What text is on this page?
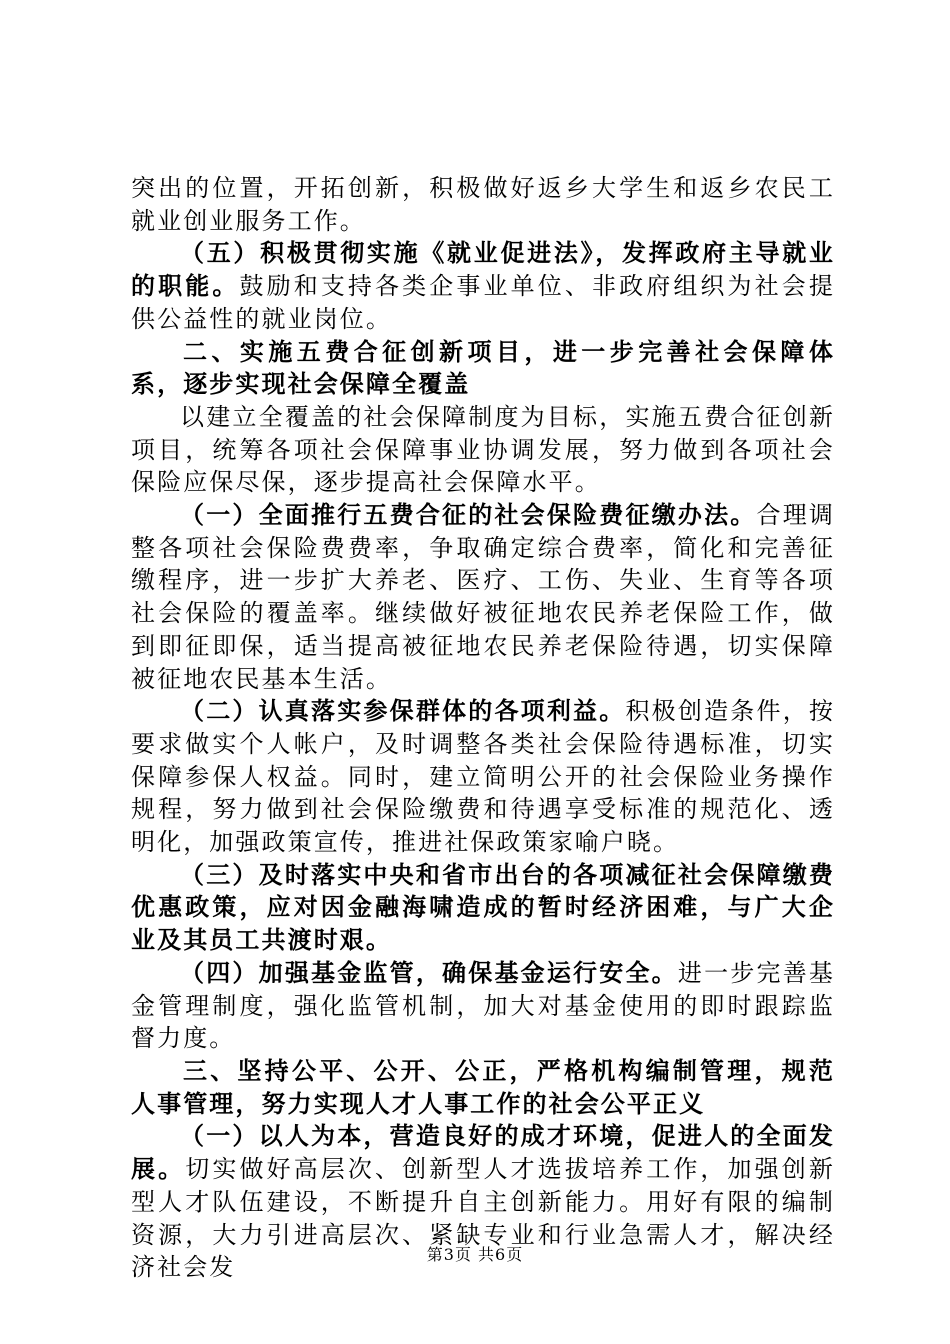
突出的位置，开拓创新，积极做好返乡大学生和返乡农民工就业创业服务工作。

（五）积极贯彻实施《就业促进法》，发挥政府主导就业的职能。鼓励和支持各类企事业单位、非政府组织为社会提供公益性的就业岗位。

二、实施五费合征创新项目，进一步完善社会保障体系，逐步实现社会保障全覆盖

以建立全覆盖的社会保障制度为目标，实施五费合征创新项目，统筹各项社会保障事业协调发展，努力做到各项社会保险应保尽保，逐步提高社会保障水平。

（一）全面推行五费合征的社会保险费征缴办法。合理调整各项社会保险费费率，争取确定综合费率，简化和完善征缴程序，进一步扩大养老、医疗、工伤、失业、生育等各项社会保险的覆盖率。继续做好被征地农民养老保险工作，做到即征即保，适当提高被征地农民养老保险待遇，切实保障被征地农民基本生活。

（二）认真落实参保群体的各项利益。积极创造条件，按要求做实个人帐户，及时调整各类社会保险待遇标准，切实保障参保人权益。同时，建立简明公开的社会保险业务操作规程，努力做到社会保险缴费和待遇享受标准的规范化、透明化，加强政策宣传，推进社保政策家喻户晓。

（三）及时落实中央和省市出台的各项减征社会保障缴费优惠政策，应对因金融海啸造成的暂时经济困难，与广大企业及其员工共渡时艰。

（四）加强基金监管，确保基金运行安全。进一步完善基金管理制度，强化监管机制，加大对基金使用的即时跟踪监督力度。

三、坚持公平、公开、公正，严格机构编制管理，规范人事管理，努力实现人才人事工作的社会公平正义

（一）以人为本，营造良好的成才环境，促进人的全面发展。切实做好高层次、创新型人才选拔培养工作，加强创新型人才队伍建设，不断提升自主创新能力。用好有限的编制资源，大力引进高层次、紧缺专业和行业急需人才，解决经济社会发	第3页 共6页
